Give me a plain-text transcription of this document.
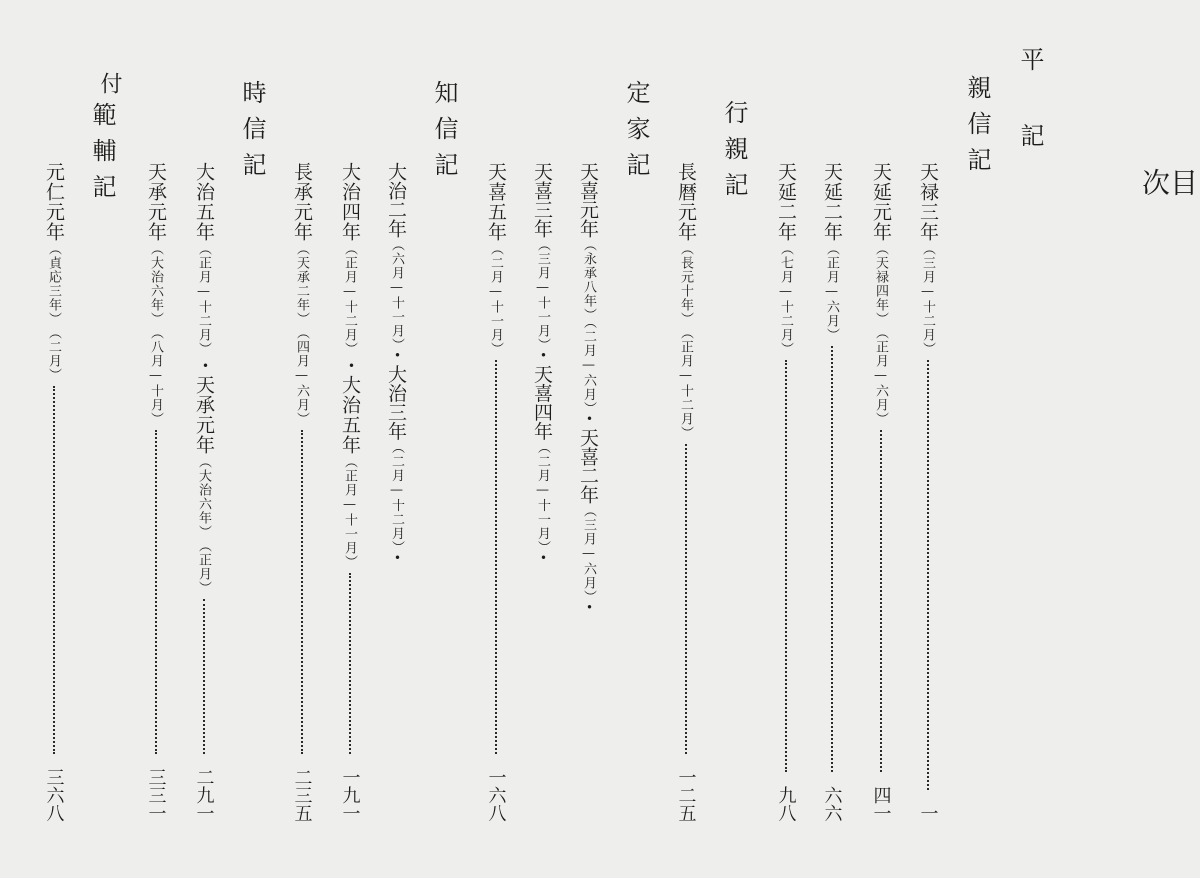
目
次
平 記
親信記
天禄三年
（三月—十二月）
一
天延元年
（天禄四年）
（正月—六月）
四一
天延二年
（正月—六月）
六六
天延二年
（七月—十二月）
九八
行親記
長暦元年
（長元十年）
（正月—十二月）
一二五
定家記
天喜元年（永承八年）（二月—六月）・天喜二年（三月—六月）・
天喜三年（三月—十一月）・天喜四年（二月—十一月）・
天喜五年
（二月—十一月）
一六八
知信記
大治二年（六月—十一月）・大治三年（二月—十二月）・
大治四年
（正月—十二月）
・
大治五年
（正月—十一月）
一九一
長承元年
（天承二年）
（四月—六月）
二三五
時信記
大治五年
（正月—十二月）
・
天承元年
（大治六年）
（正月）
二九一
天承元年
（大治六年）
（八月—十月）
三三一
付
範輔記
元仁元年
（貞応三年）
（二月）
三六八
